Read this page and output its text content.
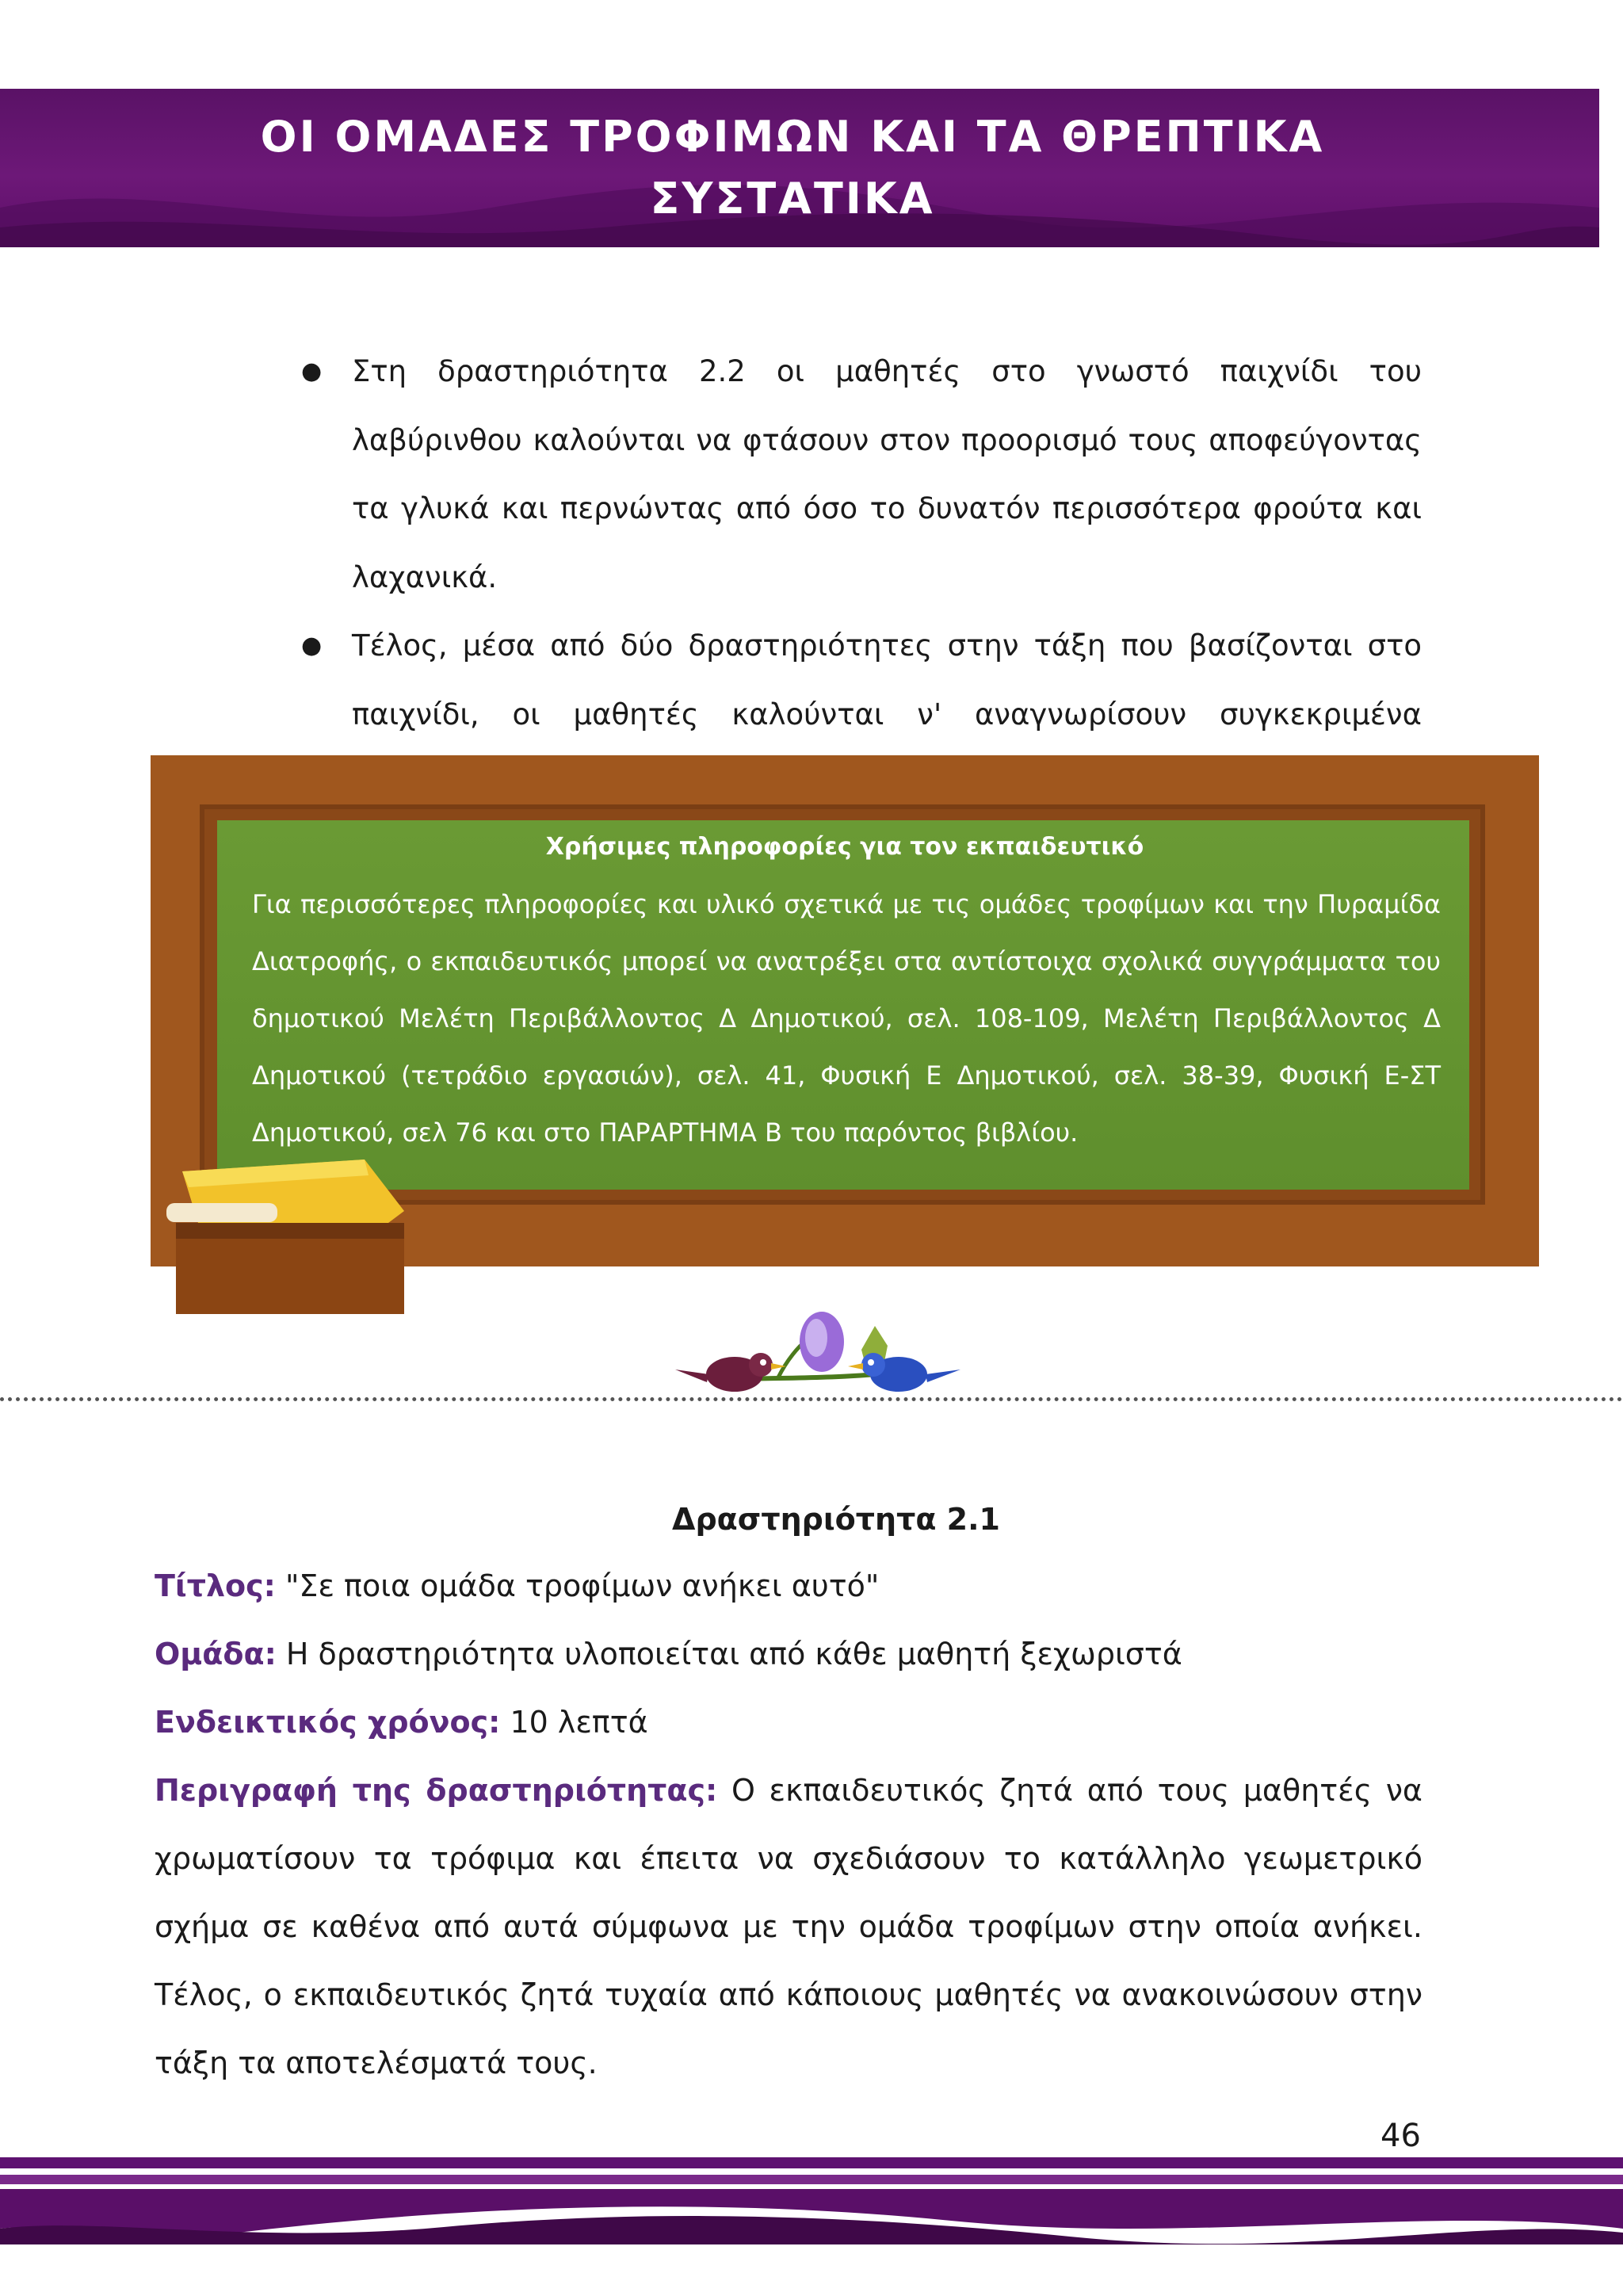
ΟΙ ΟΜΑΔΕΣ ΤΡΟΦΙΜΩΝ ΚΑΙ ΤΑ ΘΡΕΠΤΙΚΑ
ΣΥΣΤΑΤΙΚΑ

● Στη δραστηριότητα 2.2 οι μαθητές στο γνωστό παιχνίδι του λαβύρινθου καλούνται να φτάσουν στον προορισμό τους αποφεύγοντας τα γλυκά και περνώντας από όσο το δυνατόν περισσότερα φρούτα και λαχανικά.

● Τέλος, μέσα από δύο δραστηριότητες στην τάξη που βασίζονται στο παιχνίδι, οι μαθητές καλούνται ν' αναγνωρίσουν συγκεκριμένα

Χρήσιμες πληροφορίες για τον εκπαιδευτικό
Για περισσότερες πληροφορίες και υλικό σχετικά με τις ομάδες τροφίμων και την Πυραμίδα Διατροφής, ο εκπαιδευτικός μπορεί να ανατρέξει στα αντίστοιχα σχολικά συγγράμματα του δημοτικού Μελέτη Περιβάλλοντος Δ Δημοτικού, σελ. 108-109, Μελέτη Περιβάλλοντος Δ Δημοτικού (τετράδιο εργασιών), σελ. 41, Φυσική Ε Δημοτικού, σελ. 38-39, Φυσική Ε-ΣΤ Δημοτικού, σελ 76 και στο ΠΑΡΑΡΤΗΜΑ Β του παρόντος βιβλίου.
Δραστηριότητα 2.1
Τίτλος: "Σε ποια ομάδα τροφίμων ανήκει αυτό"
Ομάδα: Η δραστηριότητα υλοποιείται από κάθε μαθητή ξεχωριστά
Ενδεικτικός χρόνος: 10 λεπτά
Περιγραφή της δραστηριότητας: Ο εκπαιδευτικός ζητά από τους μαθητές να χρωματίσουν τα τρόφιμα και έπειτα να σχεδιάσουν το κατάλληλο γεωμετρικό σχήμα σε καθένα από αυτά σύμφωνα με την ομάδα τροφίμων στην οποία ανήκει. Τέλος, ο εκπαιδευτικός ζητά τυχαία από κάποιους μαθητές να ανακοινώσουν στην τάξη τα αποτελέσματά τους.
46
